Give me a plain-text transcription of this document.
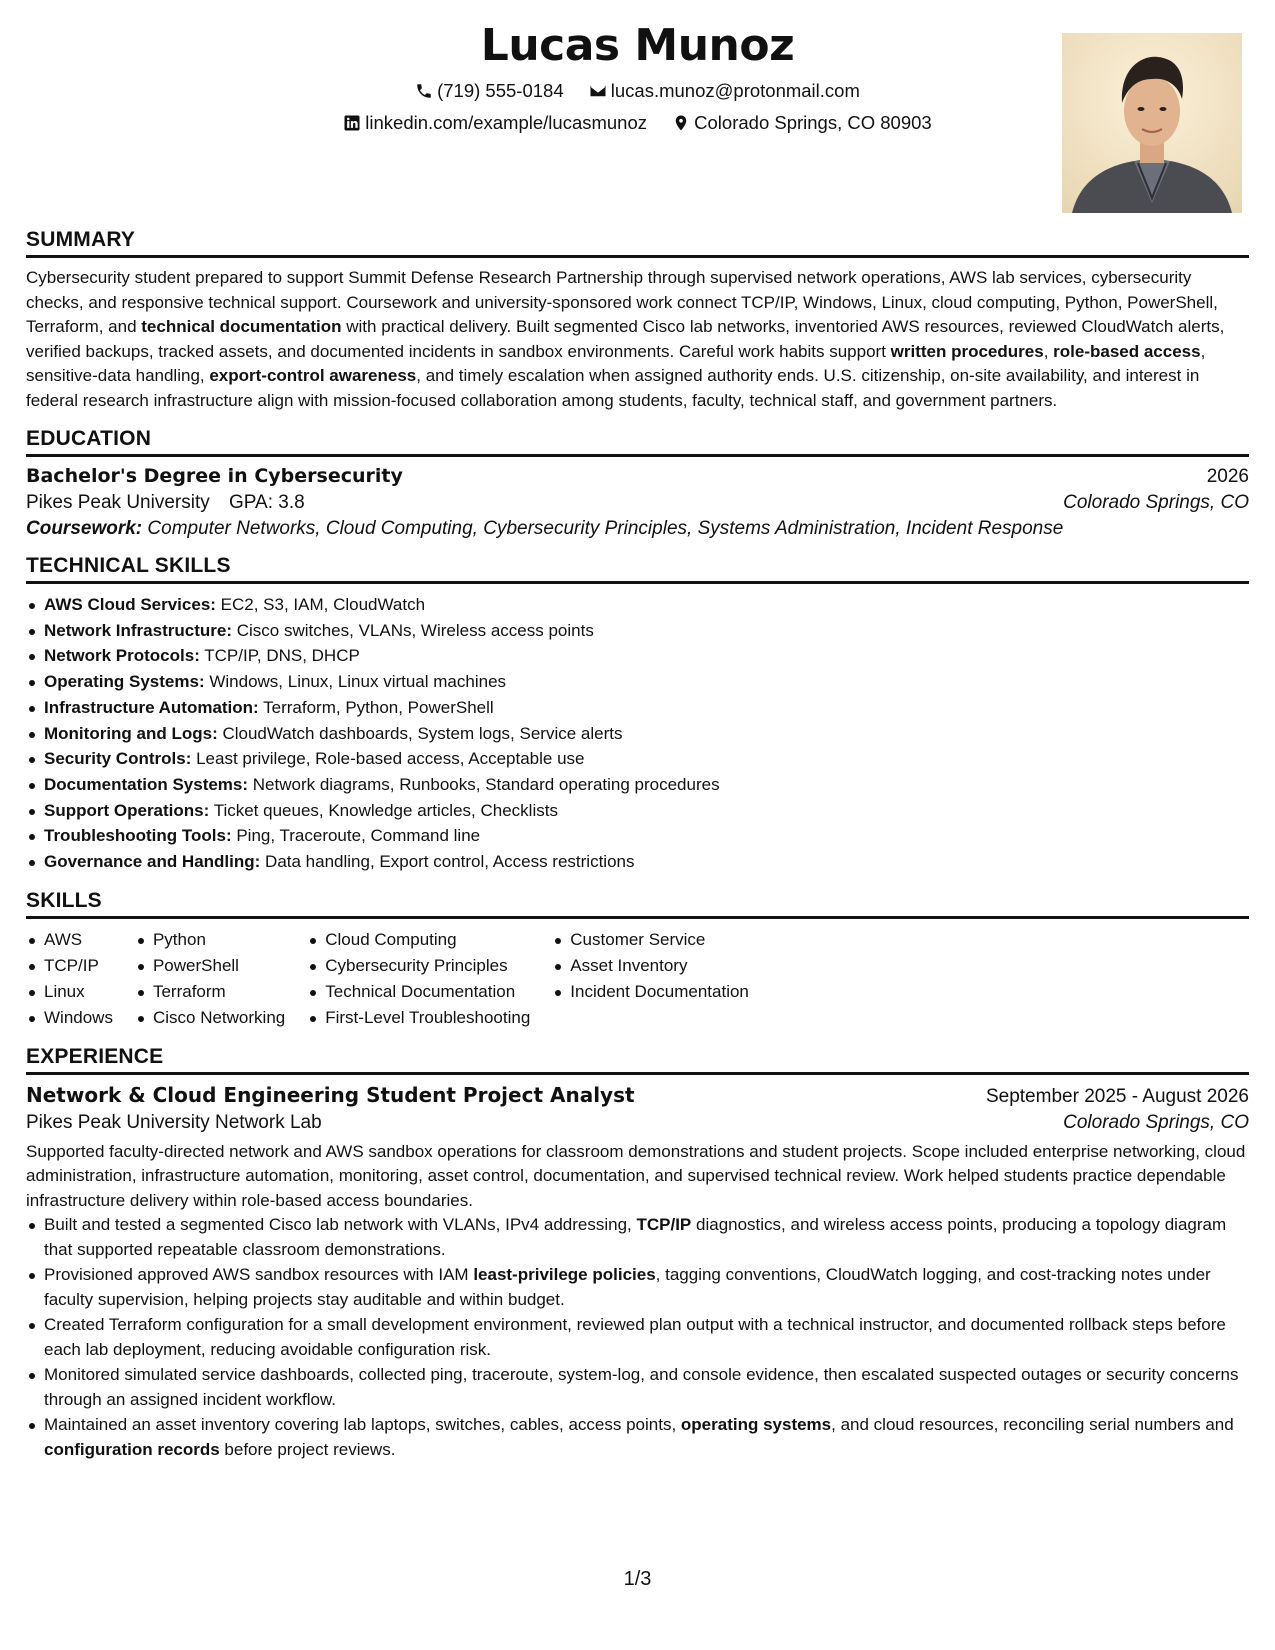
Lucas Munoz
(719) 555-0184
	lucas.munoz@protonmail.com
linkedin.com/example/lucasmunoz
	Colorado Springs, CO 80903
SUMMARY

Cybersecurity student prepared to support Summit Defense Research Partnership through supervised network operations, AWS lab services, cybersecurity checks, and responsive technical support. Coursework and university-sponsored work connect TCP/IP, Windows, Linux, cloud computing, Python, PowerShell, Terraform, and technical documentation with practical delivery. Built segmented Cisco lab networks, inventoried AWS resources, reviewed CloudWatch alerts, verified backups, tracked assets, and documented incidents in sandbox environments. Careful work habits support written procedures, role-based access, sensitive-data handling, export-control awareness, and timely escalation when assigned authority ends. U.S. citizenship, on-site availability, and interest in federal research infrastructure align with mission-focused collaboration among students, faculty, technical staff, and government partners.

EDUCATION
Bachelor's Degree in Cybersecurity	2026
Pikes Peak University GPA: 3.8	Colorado Springs, CO
Coursework: Computer Networks, Cloud Computing, Cybersecurity Principles, Systems Administration, Incident Response
TECHNICAL SKILLS
AWS Cloud Services: EC2, S3, IAM, CloudWatch
Network Infrastructure: Cisco switches, VLANs, Wireless access points
Network Protocols: TCP/IP, DNS, DHCP
Operating Systems: Windows, Linux, Linux virtual machines
Infrastructure Automation: Terraform, Python, PowerShell
Monitoring and Logs: CloudWatch dashboards, System logs, Service alerts
Security Controls: Least privilege, Role-based access, Acceptable use
Documentation Systems: Network diagrams, Runbooks, Standard operating procedures
Support Operations: Ticket queues, Knowledge articles, Checklists
Troubleshooting Tools: Ping, Traceroute, Command line
Governance and Handling: Data handling, Export control, Access restrictions
SKILLS
AWS
TCP/IP
Linux
Windows
Python
PowerShell
Terraform
Cisco Networking
Cloud Computing
Cybersecurity Principles
Technical Documentation
First-Level Troubleshooting
Customer Service
Asset Inventory
Incident Documentation
EXPERIENCE
Network & Cloud Engineering Student Project Analyst	September 2025 - August 2026
Pikes Peak University Network Lab	Colorado Springs, CO

Supported faculty-directed network and AWS sandbox operations for classroom demonstrations and student projects. Scope included enterprise networking, cloud administration, infrastructure automation, monitoring, asset control, documentation, and supervised technical review. Work helped students practice dependable infrastructure delivery within role-based access boundaries.

Built and tested a segmented Cisco lab network with VLANs, IPv4 addressing, TCP/IP diagnostics, and wireless access points, producing a topology diagram that supported repeatable classroom demonstrations.
Provisioned approved AWS sandbox resources with IAM least-privilege policies, tagging conventions, CloudWatch logging, and cost-tracking notes under faculty supervision, helping projects stay auditable and within budget.
Created Terraform configuration for a small development environment, reviewed plan output with a technical instructor, and documented rollback steps before each lab deployment, reducing avoidable configuration risk.
Monitored simulated service dashboards, collected ping, traceroute, system-log, and console evidence, then escalated suspected outages or security concerns through an assigned incident workflow.
Maintained an asset inventory covering lab laptops, switches, cables, access points, operating systems, and cloud resources, reconciling serial numbers and configuration records before project reviews.
1/3
